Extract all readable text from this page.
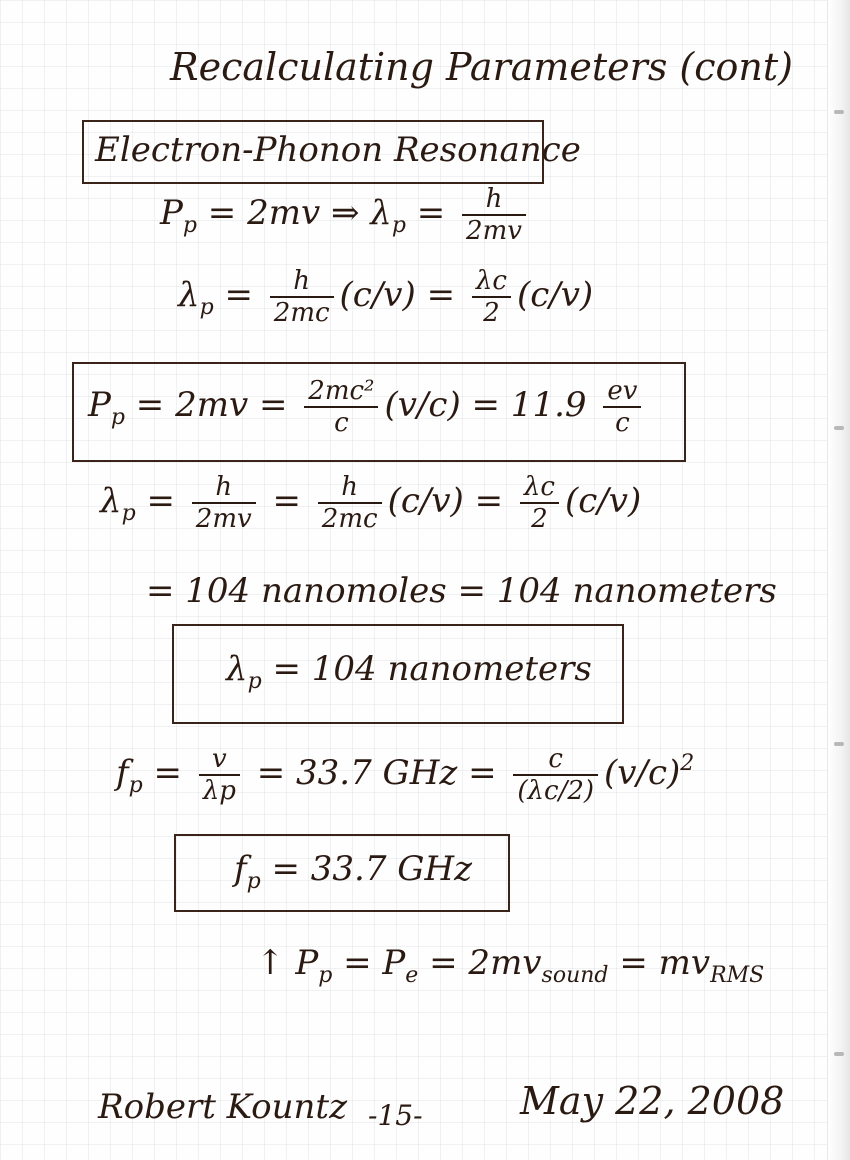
Recalculating Parameters (cont)
Electron-Phonon Resonance
$P_p = 2mv$ ⇒ $\lambda_p = \frac{h}{2mv}$
$\lambda_p = \frac{h}{2mc} (c/v) = \frac{\lambda c}{2} (c/v)$
$P_p = 2mv = \frac{\text{2mc²}}{c} (v/c) = 11.9 \frac{ev}{c}$
$\lambda_p = \frac{h}{2mv} = \frac{h}{2mc} (c/v) = \frac{\lambda c}{2} (c/v)$
= 104 nanomoles = 104 nanometers
$\lambda_p = 104$ nanometers
$f_p = \frac{v}{\lambda p} = 33.7$ GHz = $\frac{c}{(\lambda c/2)} (v/c)^2$
$f_p = 33.7$ GHz
↑ $P_p = P_e = 2mv_{sound} = mv_{RMS}$
Robert Kountz -15-	May 22, 2008
